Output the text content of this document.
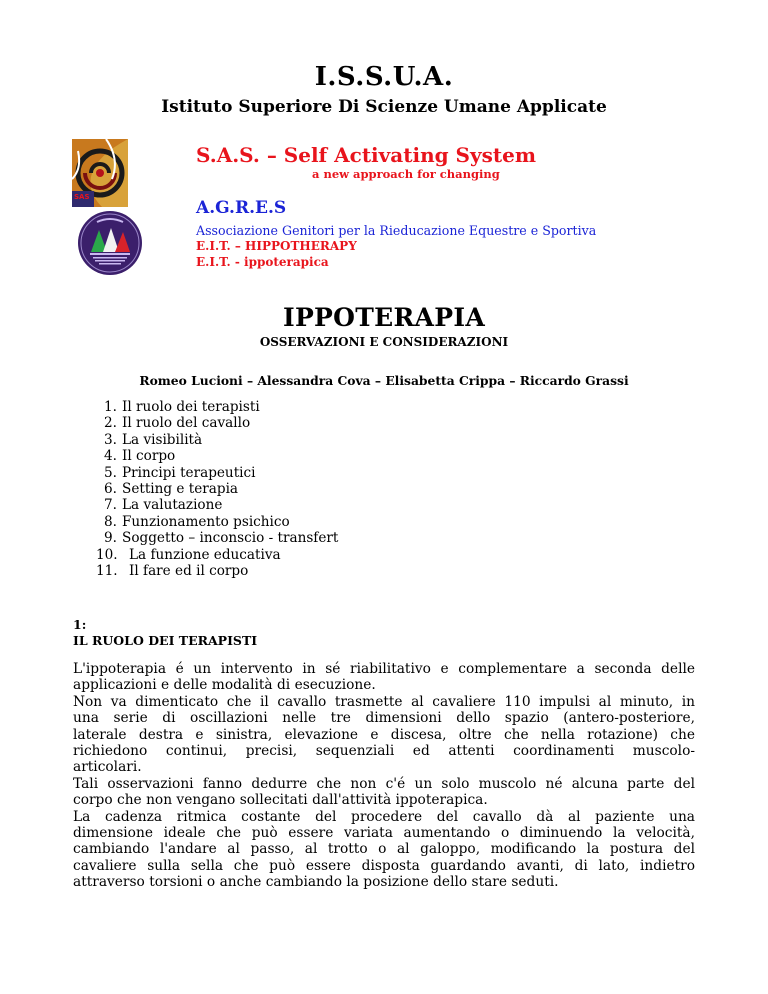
I.S.S.U.A.
Istituto Superiore Di Scienze Umane Applicate
SAS
S.A.S. – Self Activating System
a new approach for changing
A.G.R.E.S
Associazione Genitori per la Rieducazione Equestre e Sportiva
E.I.T. – HIPPOTHERAPY
E.I.T. - ippoterapica
IPPOTERAPIA
OSSERVAZIONI E CONSIDERAZIONI
Romeo Lucioni – Alessandra Cova – Elisabetta Crippa – Riccardo Grassi
1. Il ruolo dei terapisti
2. Il ruolo del cavallo
3. La visibilità
4. Il corpo
5. Principi terapeutici
6. Setting e terapia
7. La valutazione
8. Funzionamento psichico
9. Soggetto – inconscio - transfert
10. La funzione educativa
11. Il fare ed il corpo
1:
IL RUOLO DEI TERAPISTI
L'ippoterapia é un intervento in sé riabilitativo e complementare a seconda delle
applicazioni e delle modalità di esecuzione.
Non va dimenticato che il cavallo trasmette al cavaliere 110 impulsi al minuto, in
una serie di oscillazioni nelle tre dimensioni dello spazio (antero-posteriore,
laterale destra e sinistra, elevazione e discesa, oltre che nella rotazione) che
richiedono continui, precisi, sequenziali ed attenti coordinamenti muscolo-
articolari.
Tali osservazioni fanno dedurre che non c'é un solo muscolo né alcuna parte del
corpo che non vengano sollecitati dall'attività ippoterapica.
La cadenza ritmica costante del procedere del cavallo dà al paziente una
dimensione ideale che può essere variata aumentando o diminuendo la velocità,
cambiando l'andare al passo, al trotto o al galoppo, modificando la postura del
cavaliere sulla sella che può essere disposta guardando avanti, di lato, indietro
attraverso torsioni o anche cambiando la posizione dello stare seduti.
